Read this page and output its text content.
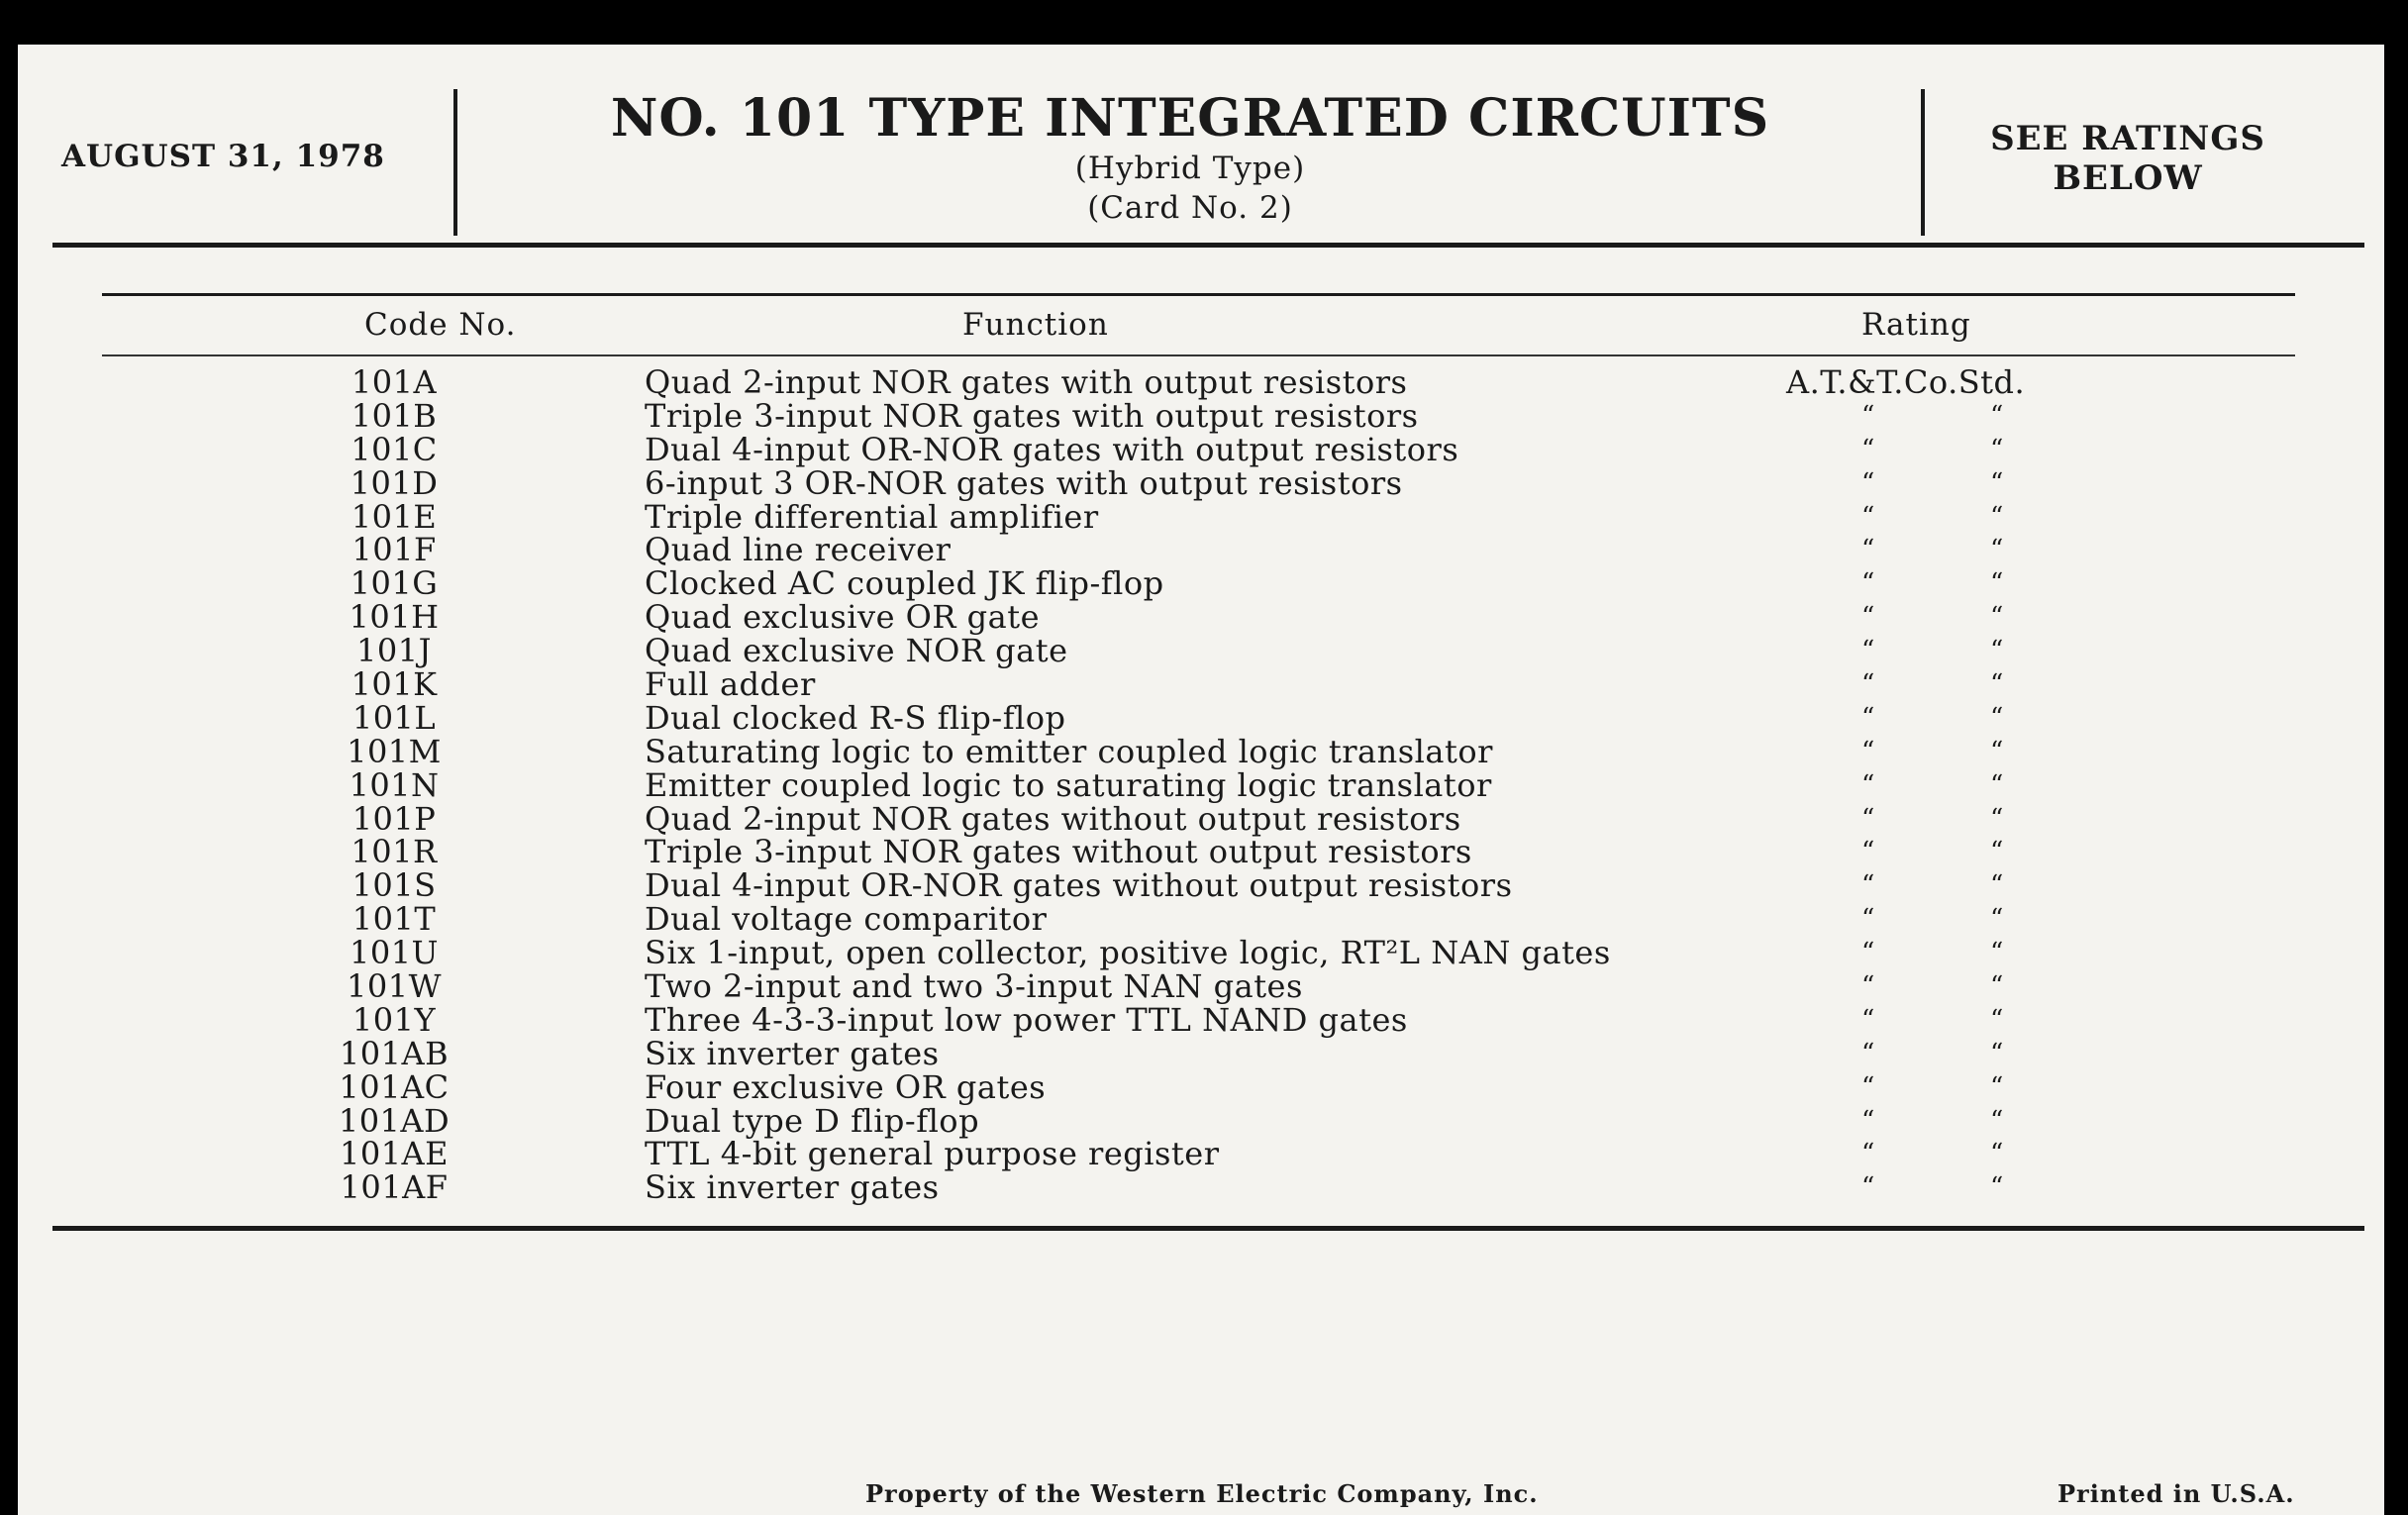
AUGUST 31, 1978
NO. 101 TYPE INTEGRATED CIRCUITS
(Hybrid Type)
(Card No. 2)
SEE RATINGS
BELOW
Code No.	Function	Rating
101A	Quad 2-input NOR gates with output resistors	A.T.&T.Co.Std.
101B	Triple 3-input NOR gates with output resistors	“	“
101C	Dual 4-input OR-NOR gates with output resistors	“	“
101D	6-input 3 OR-NOR gates with output resistors	“	“
101E	Triple differential amplifier	“	“
101F	Quad line receiver	“	“
101G	Clocked AC coupled JK flip-flop	“	“
101H	Quad exclusive OR gate	“	“
101J	Quad exclusive NOR gate	“	“
101K	Full adder	“	“
101L	Dual clocked R-S flip-flop	“	“
101M	Saturating logic to emitter coupled logic translator	“	“
101N	Emitter coupled logic to saturating logic translator	“	“
101P	Quad 2-input NOR gates without output resistors	“	“
101R	Triple 3-input NOR gates without output resistors	“	“
101S	Dual 4-input OR-NOR gates without output resistors	“	“
101T	Dual voltage comparitor	“	“
101U	Six 1-input, open collector, positive logic, RT²L NAN gates	“	“
101W	Two 2-input and two 3-input NAN gates	“	“
101Y	Three 4-3-3-input low power TTL NAND gates	“	“
101AB	Six inverter gates	“	“
101AC	Four exclusive OR gates	“	“
101AD	Dual type D flip-flop	“	“
101AE	TTL 4-bit general purpose register	“	“
101AF	Six inverter gates	“	“
Property of the Western Electric Company, Inc.	Printed in U.S.A.
